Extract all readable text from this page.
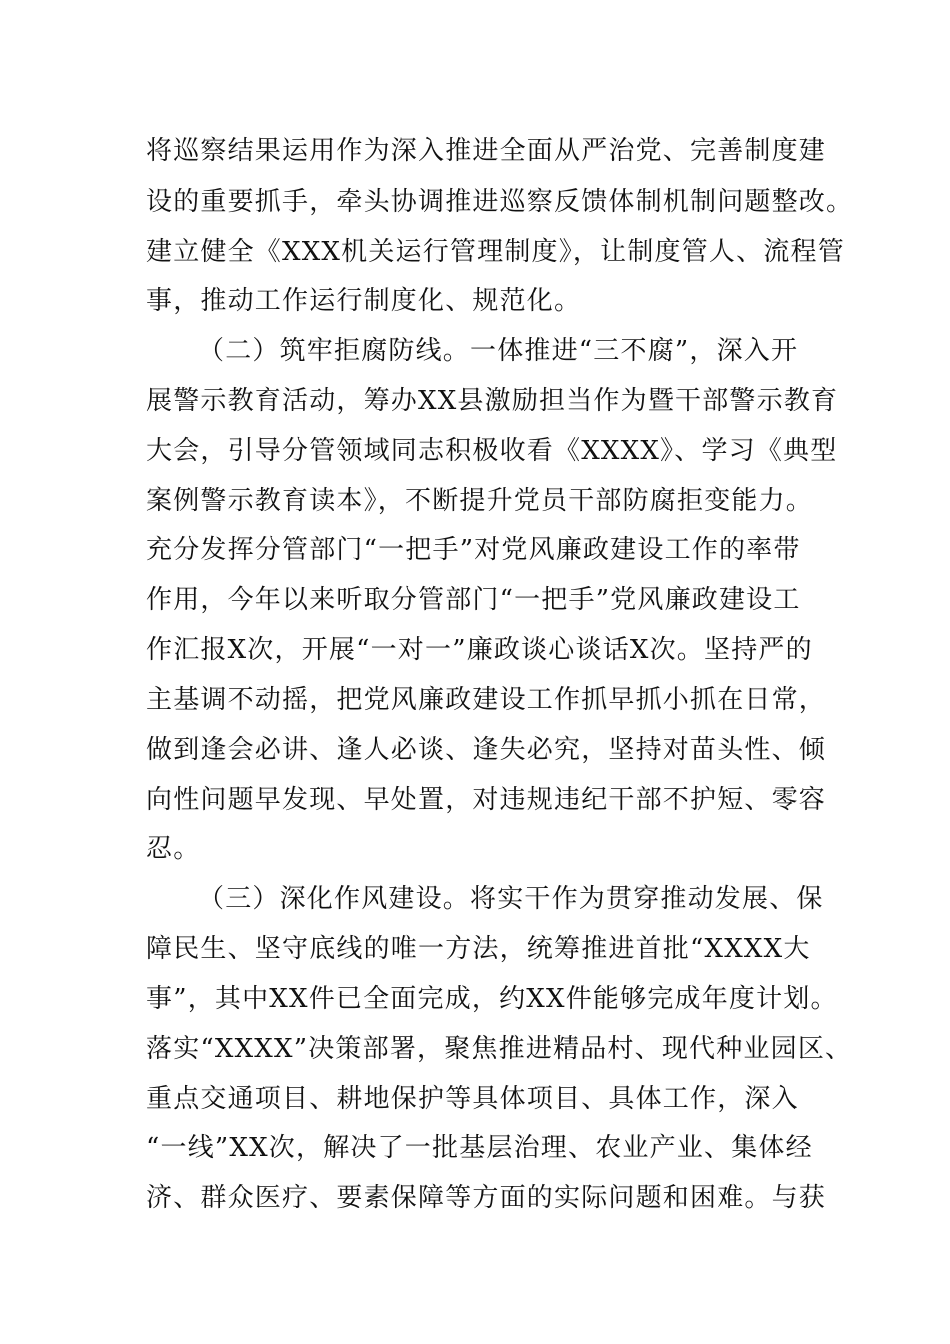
将巡察结果运用作为深入推进全面从严治党、完善制度建

设的重要抓手，牵头协调推进巡察反馈体制机制问题整改。

建立健全《XXX机关运行管理制度》，让制度管人、流程管

事，推动工作运行制度化、规范化。

（二）筑牢拒腐防线。一体推进“三不腐”，深入开

展警示教育活动，筹办XX县激励担当作为暨干部警示教育

大会，引导分管领域同志积极收看《XXXX》、学习《典型

案例警示教育读本》，不断提升党员干部防腐拒变能力。

充分发挥分管部门“一把手”对党风廉政建设工作的率带

作用，今年以来听取分管部门“一把手”党风廉政建设工

作汇报X次，开展“一对一”廉政谈心谈话X次。坚持严的

主基调不动摇，把党风廉政建设工作抓早抓小抓在日常，

做到逢会必讲、逢人必谈、逢失必究，坚持对苗头性、倾

向性问题早发现、早处置，对违规违纪干部不护短、零容

忍。

（三）深化作风建设。将实干作为贯穿推动发展、保

障民生、坚守底线的唯一方法，统筹推进首批“XXXX大

事”，其中XX件已全面完成，约XX件能够完成年度计划。

落实“XXXX”决策部署，聚焦推进精品村、现代种业园区、

重点交通项目、耕地保护等具体项目、具体工作，深入

“一线”XX次，解决了一批基层治理、农业产业、集体经

济、群众医疗、要素保障等方面的实际问题和困难。与获
